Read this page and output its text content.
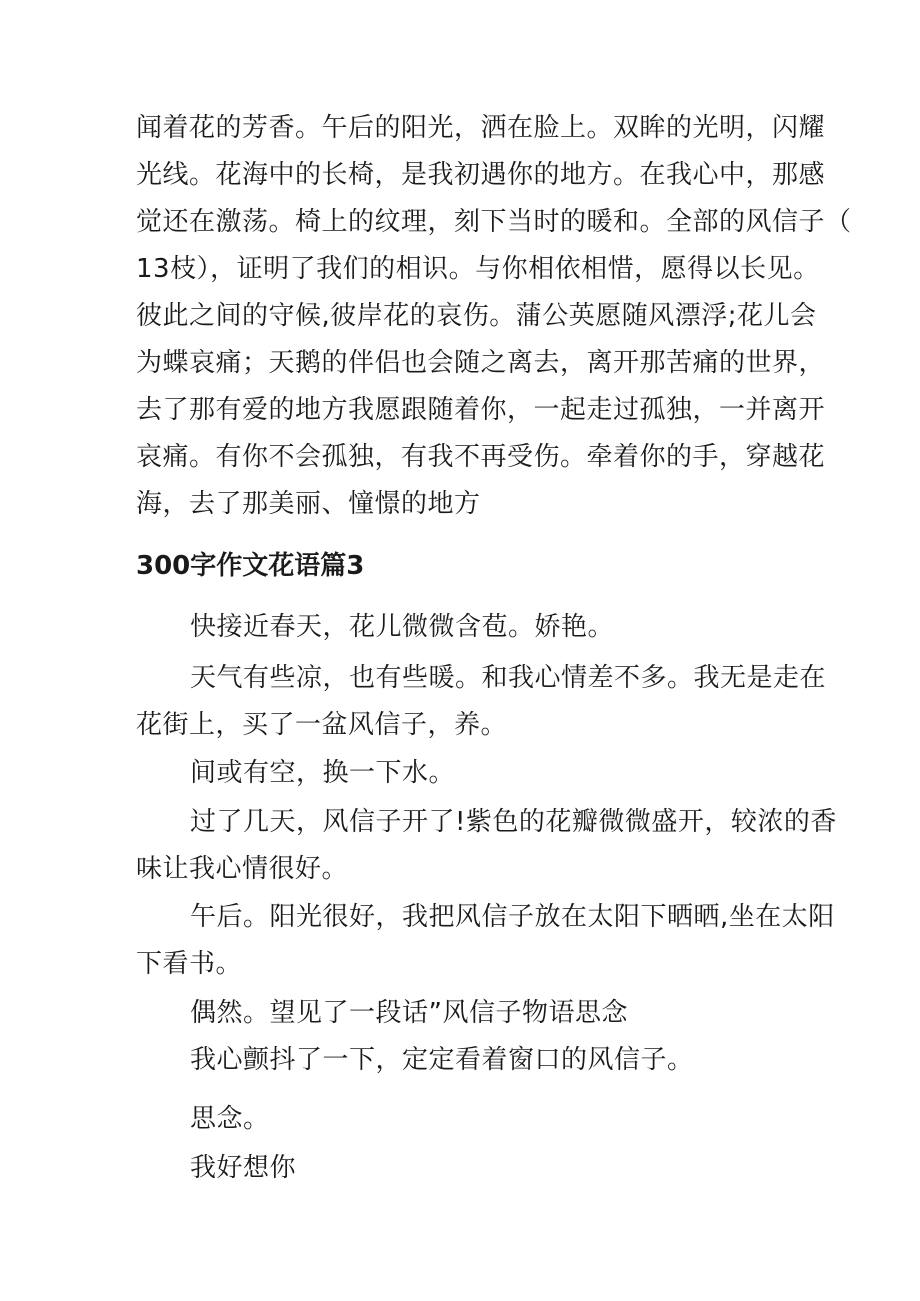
闻着花的芳香。午后的阳光，洒在脸上。双眸的光明，闪耀
光线。花海中的长椅，是我初遇你的地方。在我心中，那感
觉还在激荡。椅上的纹理，刻下当时的暖和。全部的风信子（
13枝），证明了我们的相识。与你相依相惜，愿得以长见。
彼此之间的守候,彼岸花的哀伤。蒲公英愿随风漂浮;花儿会
为蝶哀痛；天鹅的伴侣也会随之离去，离开那苦痛的世界，
去了那有爱的地方我愿跟随着你，一起走过孤独，一并离开
哀痛。有你不会孤独，有我不再受伤。牵着你的手，穿越花
海，去了那美丽、憧憬的地方
300字作文花语篇3
快接近春天，花儿微微含苞。娇艳。
天气有些凉，也有些暖。和我心情差不多。我无是走在
花街上，买了一盆风信子，养。
间或有空，换一下水。
过了几天，风信子开了!紫色的花瓣微微盛开，较浓的香
味让我心情很好。
午后。阳光很好，我把风信子放在太阳下晒晒,坐在太阳
下看书。
偶然。望见了一段话”风信子物语思念
我心颤抖了一下，定定看着窗口的风信子。
思念。
我好想你
